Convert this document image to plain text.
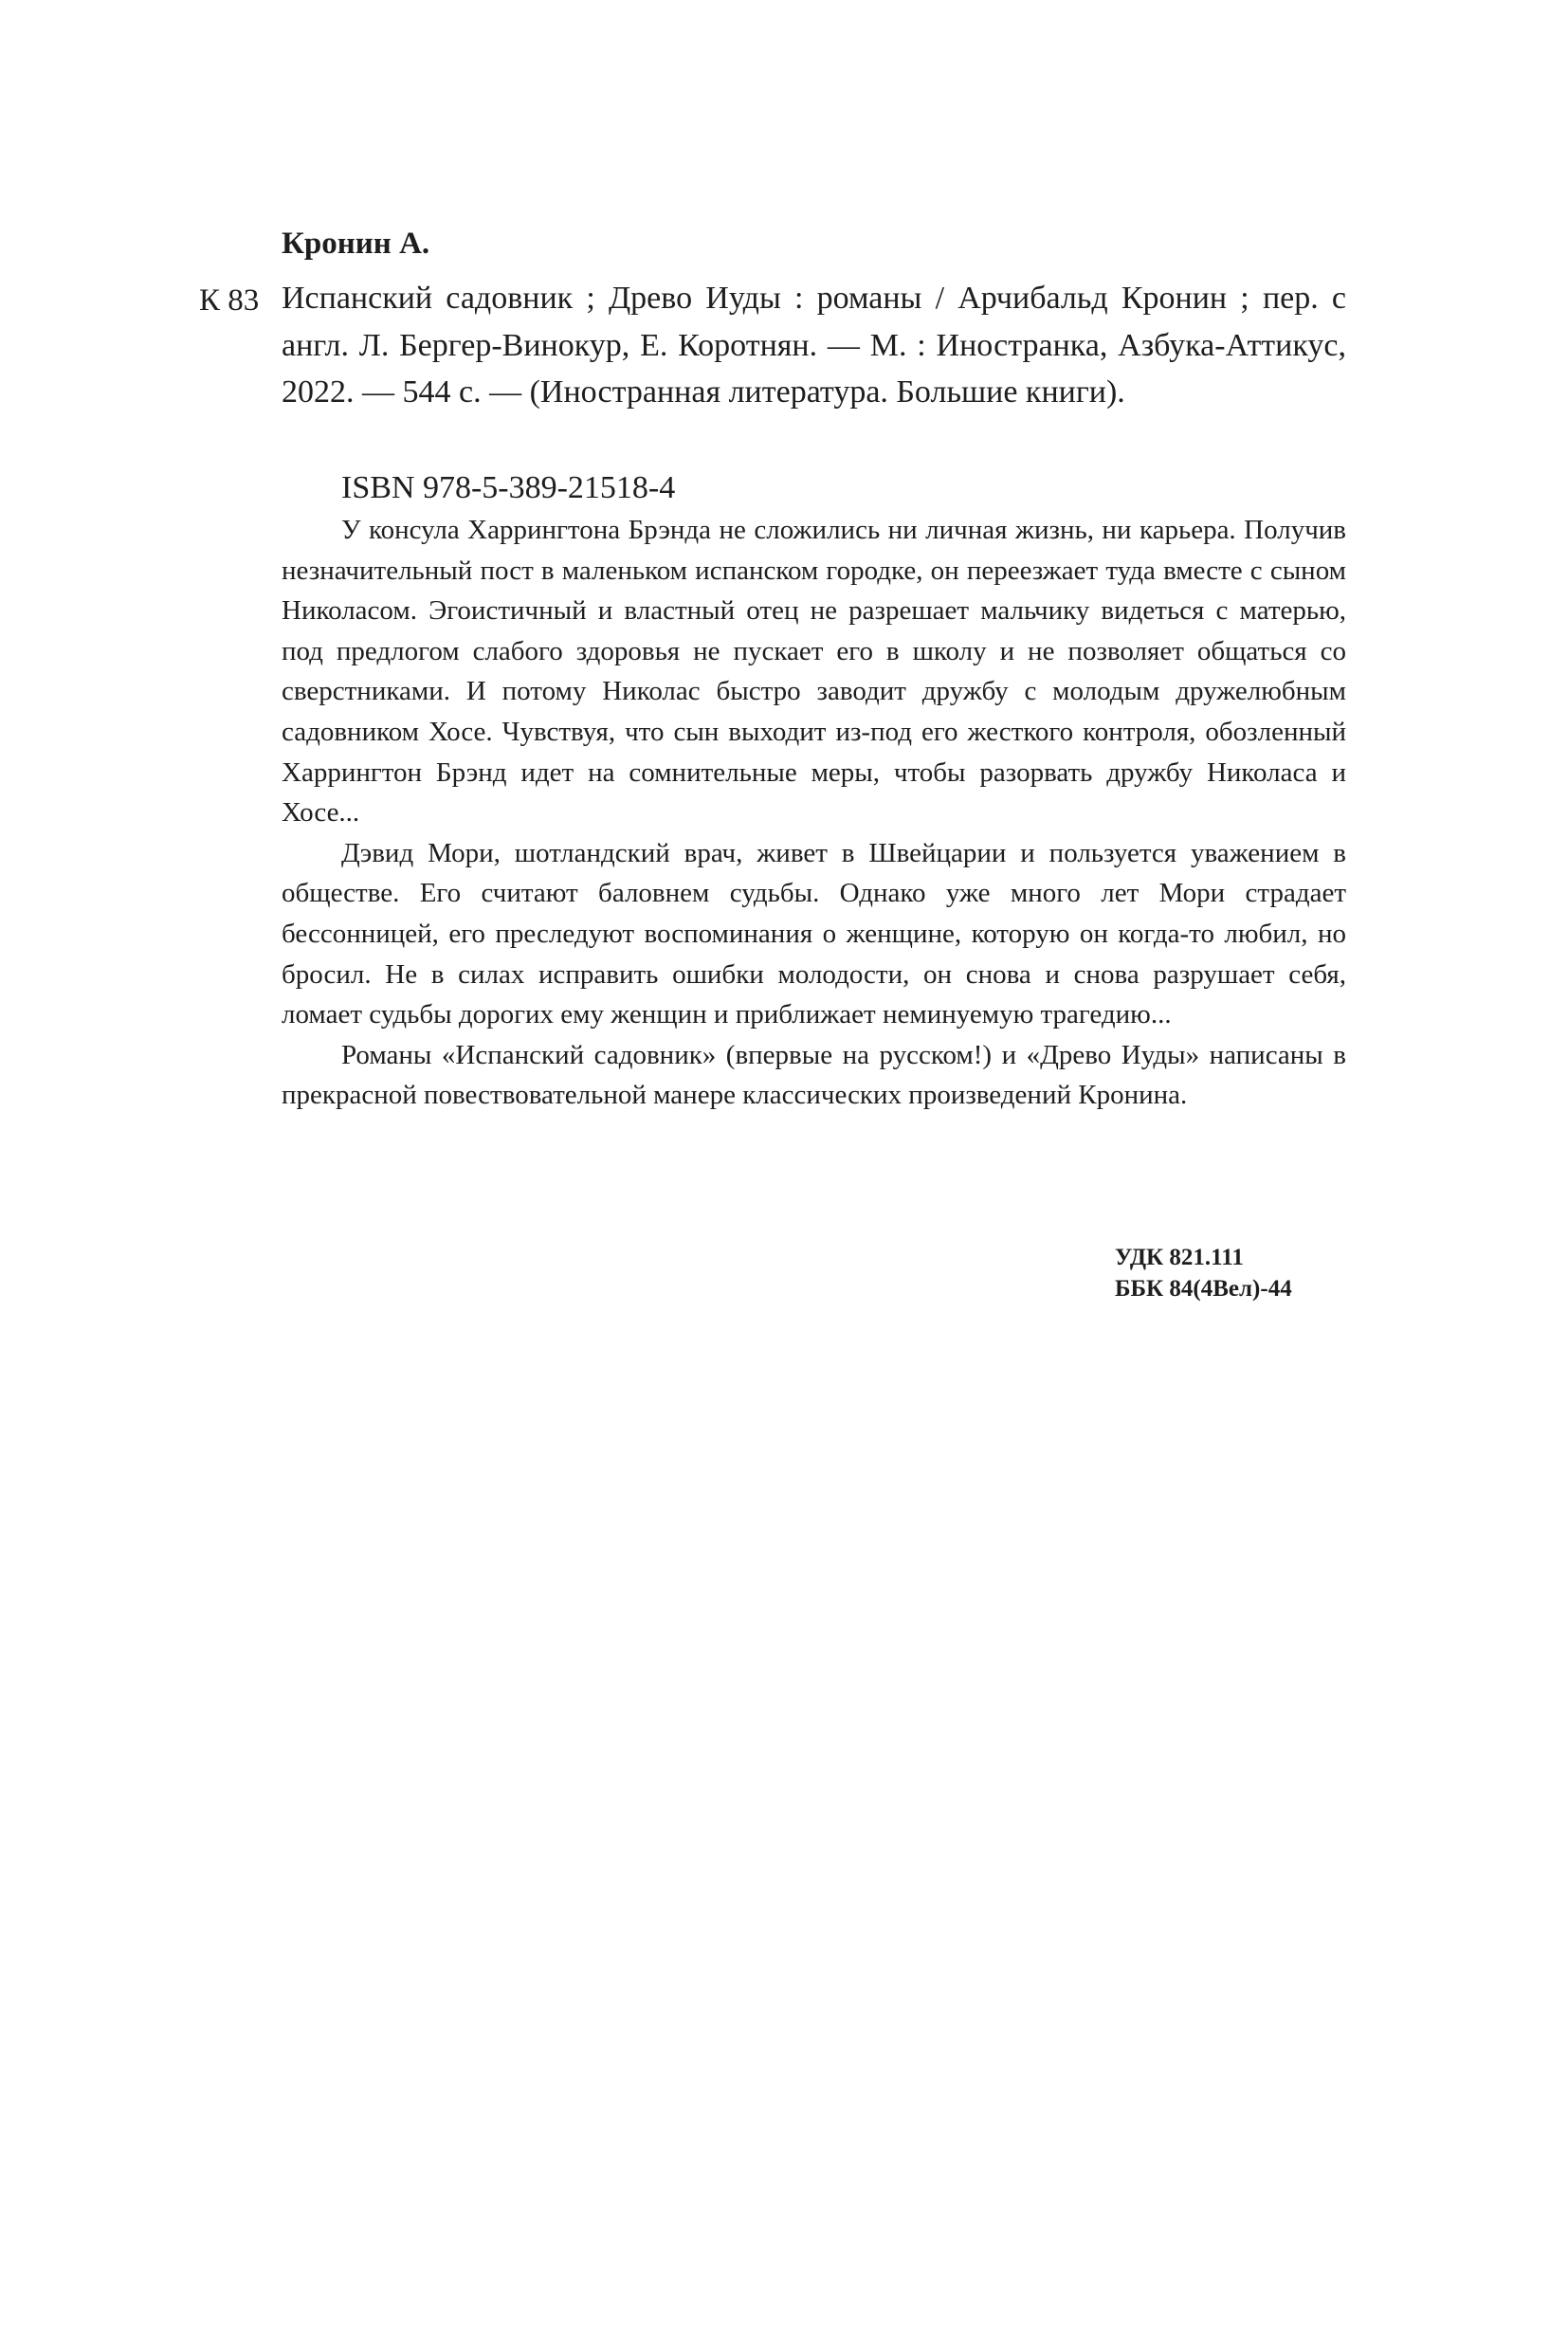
Кронин А.
К 83 Испанский садовник ; Древо Иуды : романы / Арчибальд Кронин ; пер. с англ. Л. Бергер-Винокур, Е. Коротнян. — М. : Иностранка, Азбука-Аттикус, 2022. — 544 с. — (Иностранная литература. Большие книги).
ISBN 978-5-389-21518-4

У консула Харрингтона Брэнда не сложились ни личная жизнь, ни карьера. Получив незначительный пост в маленьком испанском городке, он переезжает туда вместе с сыном Николасом. Эгоистичный и властный отец не разрешает мальчику видеться с матерью, под предлогом слабого здоровья не пускает его в школу и не позволяет общаться со сверстниками. И потому Николас быстро заводит дружбу с молодым дружелюбным садовником Хосе. Чувствуя, что сын выходит из-под его жесткого контроля, обозленный Харрингтон Брэнд идет на сомнительные меры, чтобы разорвать дружбу Николаса и Хосе...

Дэвид Мори, шотландский врач, живет в Швейцарии и пользуется уважением в обществе. Его считают баловнем судьбы. Однако уже много лет Мори страдает бессонницей, его преследуют воспоминания о женщине, которую он когда-то любил, но бросил. Не в силах исправить ошибки молодости, он снова и снова разрушает себя, ломает судьбы дорогих ему женщин и приближает неминуемую трагедию...

Романы «Испанский садовник» (впервые на русском!) и «Древо Иуды» написаны в прекрасной повествовательной манере классических произведений Кронина.

УДК 821.111
ББК 84(4Вел)-44
